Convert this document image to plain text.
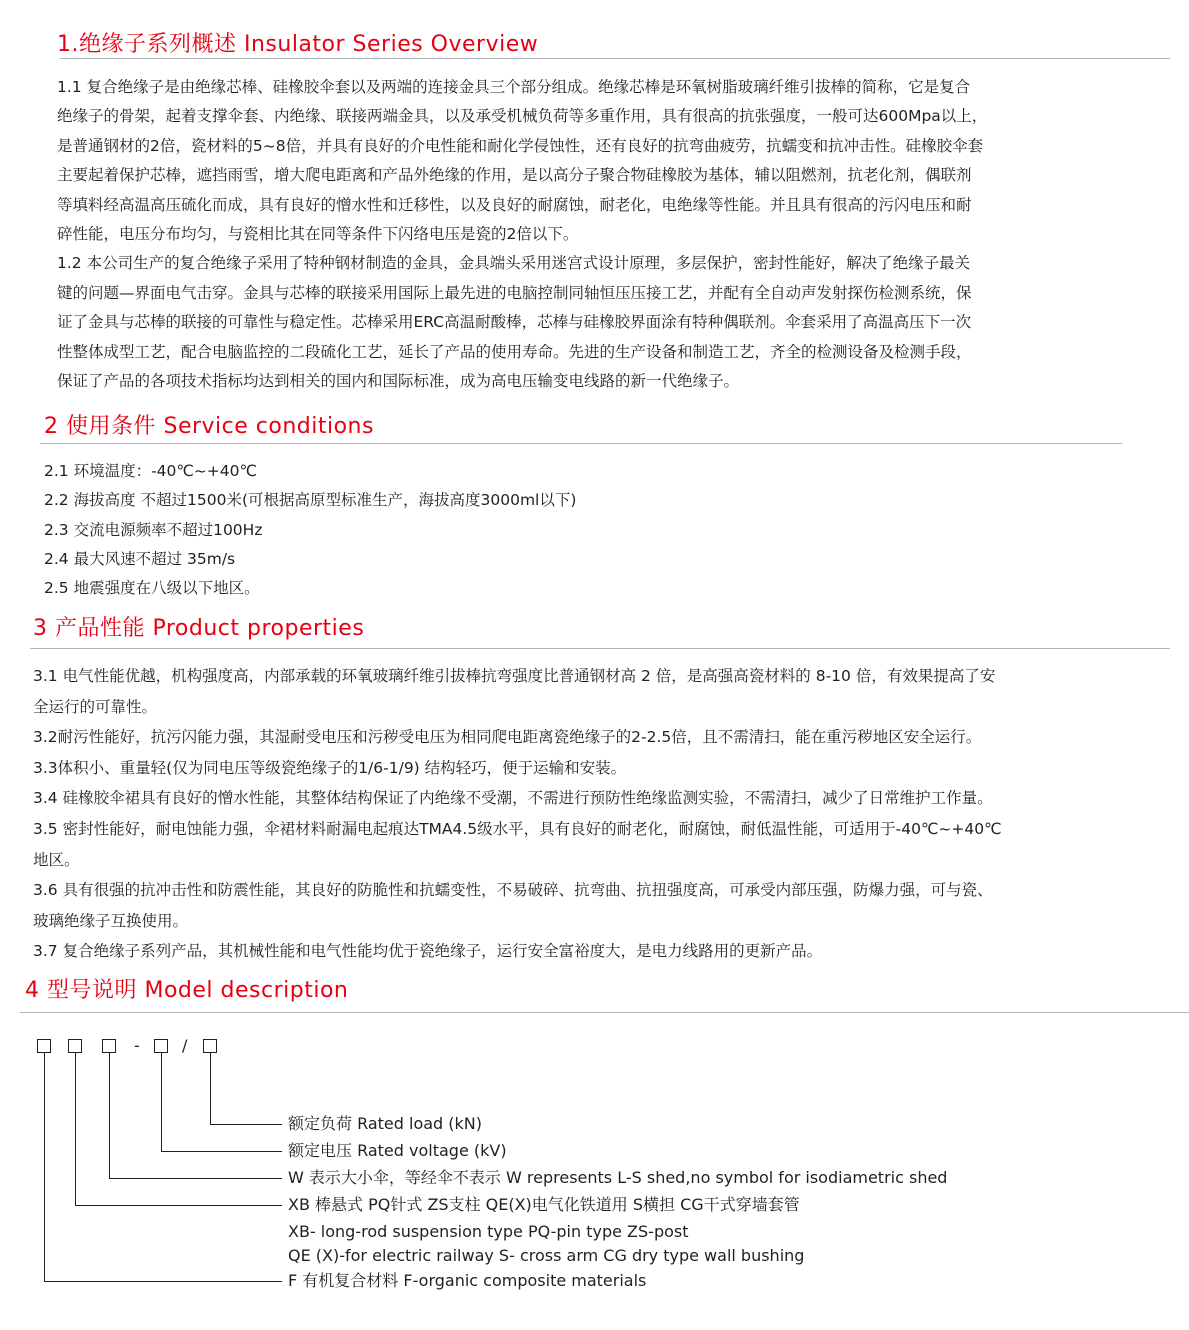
1.绝缘子系列概述 Insulator Series Overview
1.1 复合绝缘子是由绝缘芯棒、硅橡胶伞套以及两端的连接金具三个部分组成。绝缘芯棒是环氧树脂玻璃纤维引拔棒的简称，它是复合
绝缘子的骨架，起着支撑伞套、内绝缘、联接两端金具，以及承受机械负荷等多重作用，具有很高的抗张强度，一般可达600Mpa以上，
是普通钢材的2倍，瓷材料的5~8倍，并具有良好的介电性能和耐化学侵蚀性，还有良好的抗弯曲疲劳，抗蠕变和抗冲击性。硅橡胶伞套
主要起着保护芯棒，遮挡雨雪，增大爬电距离和产品外绝缘的作用，是以高分子聚合物硅橡胶为基体，辅以阻燃剂，抗老化剂，偶联剂
等填料经高温高压硫化而成，具有良好的憎水性和迁移性，以及良好的耐腐蚀，耐老化，电绝缘等性能。并且具有很高的污闪电压和耐
碎性能，电压分布均匀，与瓷相比其在同等条件下闪络电压是瓷的2倍以下。
1.2 本公司生产的复合绝缘子采用了特种钢材制造的金具，金具端头采用迷宫式设计原理，多层保护，密封性能好，解决了绝缘子最关
键的问题—界面电气击穿。金具与芯棒的联接采用国际上最先进的电脑控制同轴恒压压接工艺，并配有全自动声发射探伤检测系统，保
证了金具与芯棒的联接的可靠性与稳定性。芯棒采用ERC高温耐酸棒，芯棒与硅橡胶界面涂有特种偶联剂。伞套采用了高温高压下一次
性整体成型工艺，配合电脑监控的二段硫化工艺，延长了产品的使用寿命。先进的生产设备和制造工艺，齐全的检测设备及检测手段，
保证了产品的各项技术指标均达到相关的国内和国际标准，成为高电压输变电线路的新一代绝缘子。
2 使用条件 Service conditions
2.1 环境温度：-40℃~+40℃
2.2 海拔高度 不超过1500米(可根据高原型标准生产，海拔高度3000ml以下)
2.3 交流电源频率不超过100Hz
2.4 最大风速不超过 35m/s
2.5 地震强度在八级以下地区。
3 产品性能 Product properties
3.1 电气性能优越，机构强度高，内部承载的环氧玻璃纤维引拔棒抗弯强度比普通钢材高 2 倍，是高强高瓷材料的 8-10 倍，有效果提高了安
全运行的可靠性。
3.2耐污性能好，抗污闪能力强，其湿耐受电压和污秽受电压为相同爬电距离瓷绝缘子的2-2.5倍，且不需清扫，能在重污秽地区安全运行。
3.3体积小、重量轻(仅为同电压等级瓷绝缘子的1/6-1/9) 结构轻巧，便于运输和安装。
3.4 硅橡胶伞裙具有良好的憎水性能，其整体结构保证了内绝缘不受潮，不需进行预防性绝缘监测实验，不需清扫，减少了日常维护工作量。
3.5 密封性能好，耐电蚀能力强，伞裙材料耐漏电起痕达TMA4.5级水平，具有良好的耐老化，耐腐蚀，耐低温性能，可适用于-40℃~+40℃
地区。
3.6 具有很强的抗冲击性和防震性能，其良好的防脆性和抗蠕变性，不易破碎、抗弯曲、抗扭强度高，可承受内部压强，防爆力强，可与瓷、
玻璃绝缘子互换使用。
3.7 复合绝缘子系列产品，其机械性能和电气性能均优于瓷绝缘子，运行安全富裕度大，是电力线路用的更新产品。
4 型号说明 Model description
-	/
额定负荷 Rated load (kN)
额定电压 Rated voltage (kV)
W 表示大小伞，等经伞不表示 W represents L-S shed,no symbol for isodiametric shed
XB 棒悬式 PQ针式 ZS支柱 QE(X)电气化铁道用 S横担 CG干式穿墙套管
XB- long-rod suspension type PQ-pin type ZS-post
QE (X)-for electric railway S- cross arm CG dry type wall bushing
F 有机复合材料 F-organic composite materials
